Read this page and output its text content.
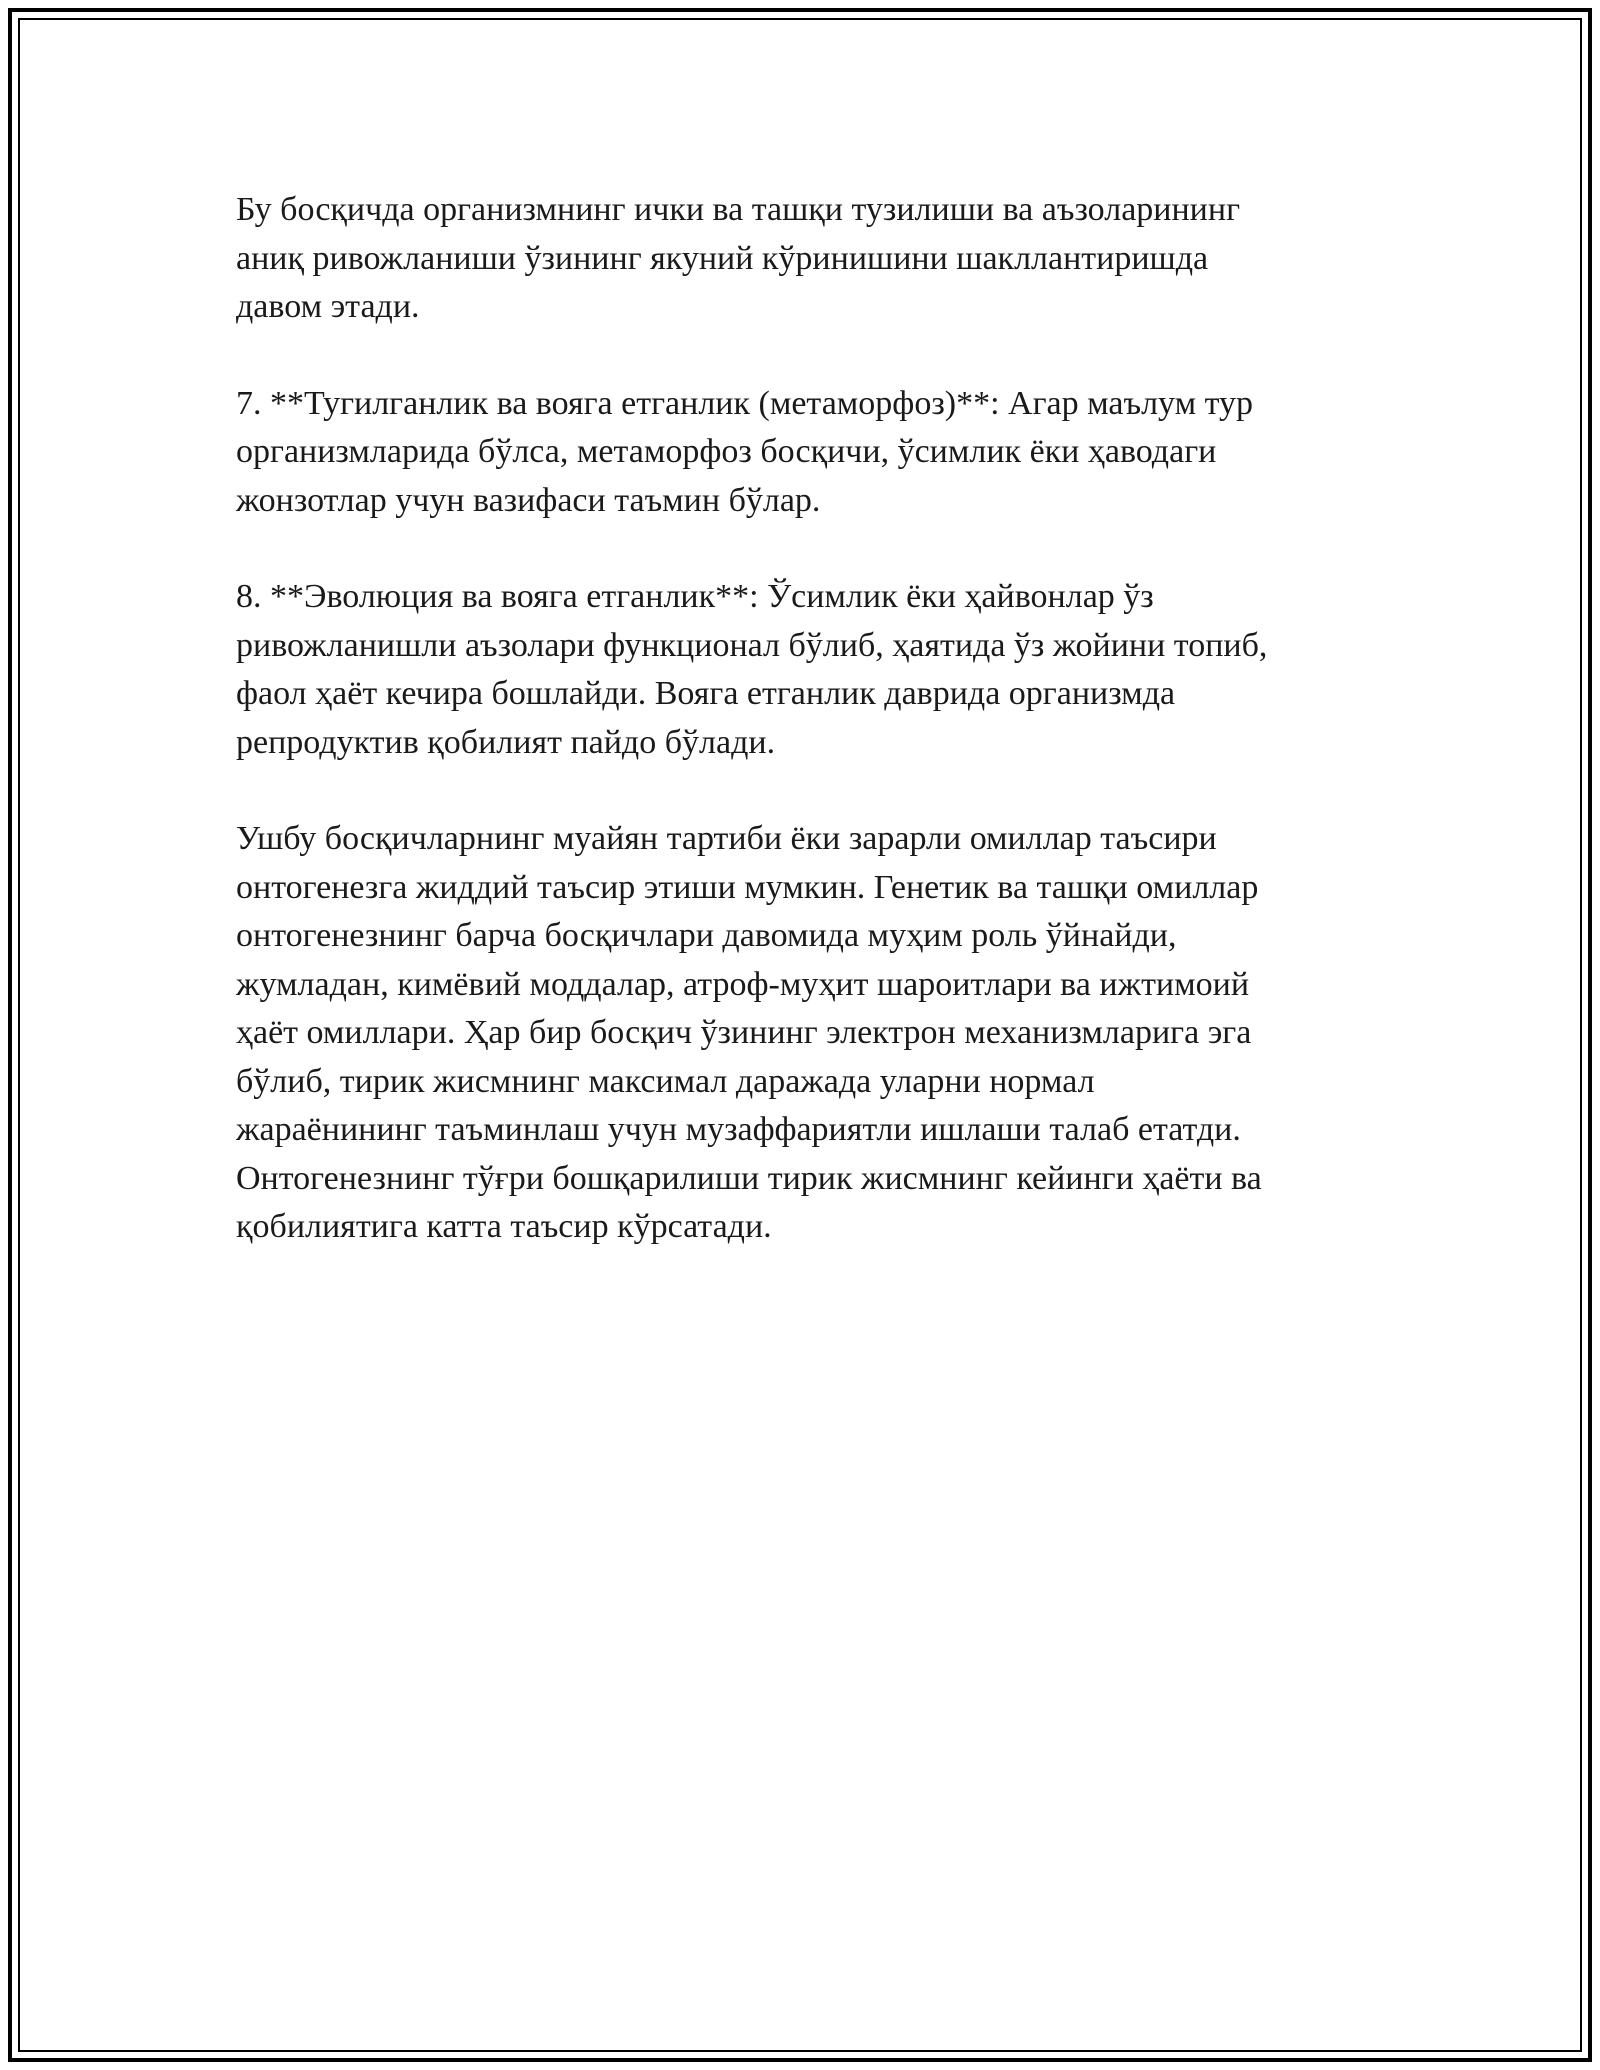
Бу босқичда организмнинг ички ва ташқи тузилиши ва аъзоларининг
аниқ ривожланиши ўзининг якуний кўринишини шакллантиришда
давом этади.

7. **Тугилганлик ва вояга етганлик (метаморфоз)**: Агар маълум тур
организмларида бўлса, метаморфоз босқичи, ўсимлик ёки ҳаводаги
жонзотлар учун вазифаси таъмин бўлар.

8. **Эволюция ва вояга етганлик**: Ўсимлик ёки ҳайвонлар ўз
ривожланишли аъзолари функционал бўлиб, ҳаятида ўз жойини топиб,
фаол ҳаёт кечира бошлайди. Вояга етганлик даврида организмда
репродуктив қобилият пайдо бўлади.

Ушбу босқичларнинг муайян тартиби ёки зарарли омиллар таъсири
онтогенезга жиддий таъсир этиши мумкин. Генетик ва ташқи омиллар
онтогенезнинг барча босқичлари давомида муҳим роль ўйнайди,
жумладан, кимёвий моддалар, атроф-муҳит шароитлари ва ижтимоий
ҳаёт омиллари. Ҳар бир босқич ўзининг электрон механизмларига эга
бўлиб, тирик жисмнинг максимал даражада уларни нормал
жараёнининг таъминлаш учун музаффариятли ишлаши талаб етатди.
Онтогенезнинг тўғри бошқарилиши тирик жисмнинг кейинги ҳаёти ва
қобилиятига катта таъсир кўрсатади.
